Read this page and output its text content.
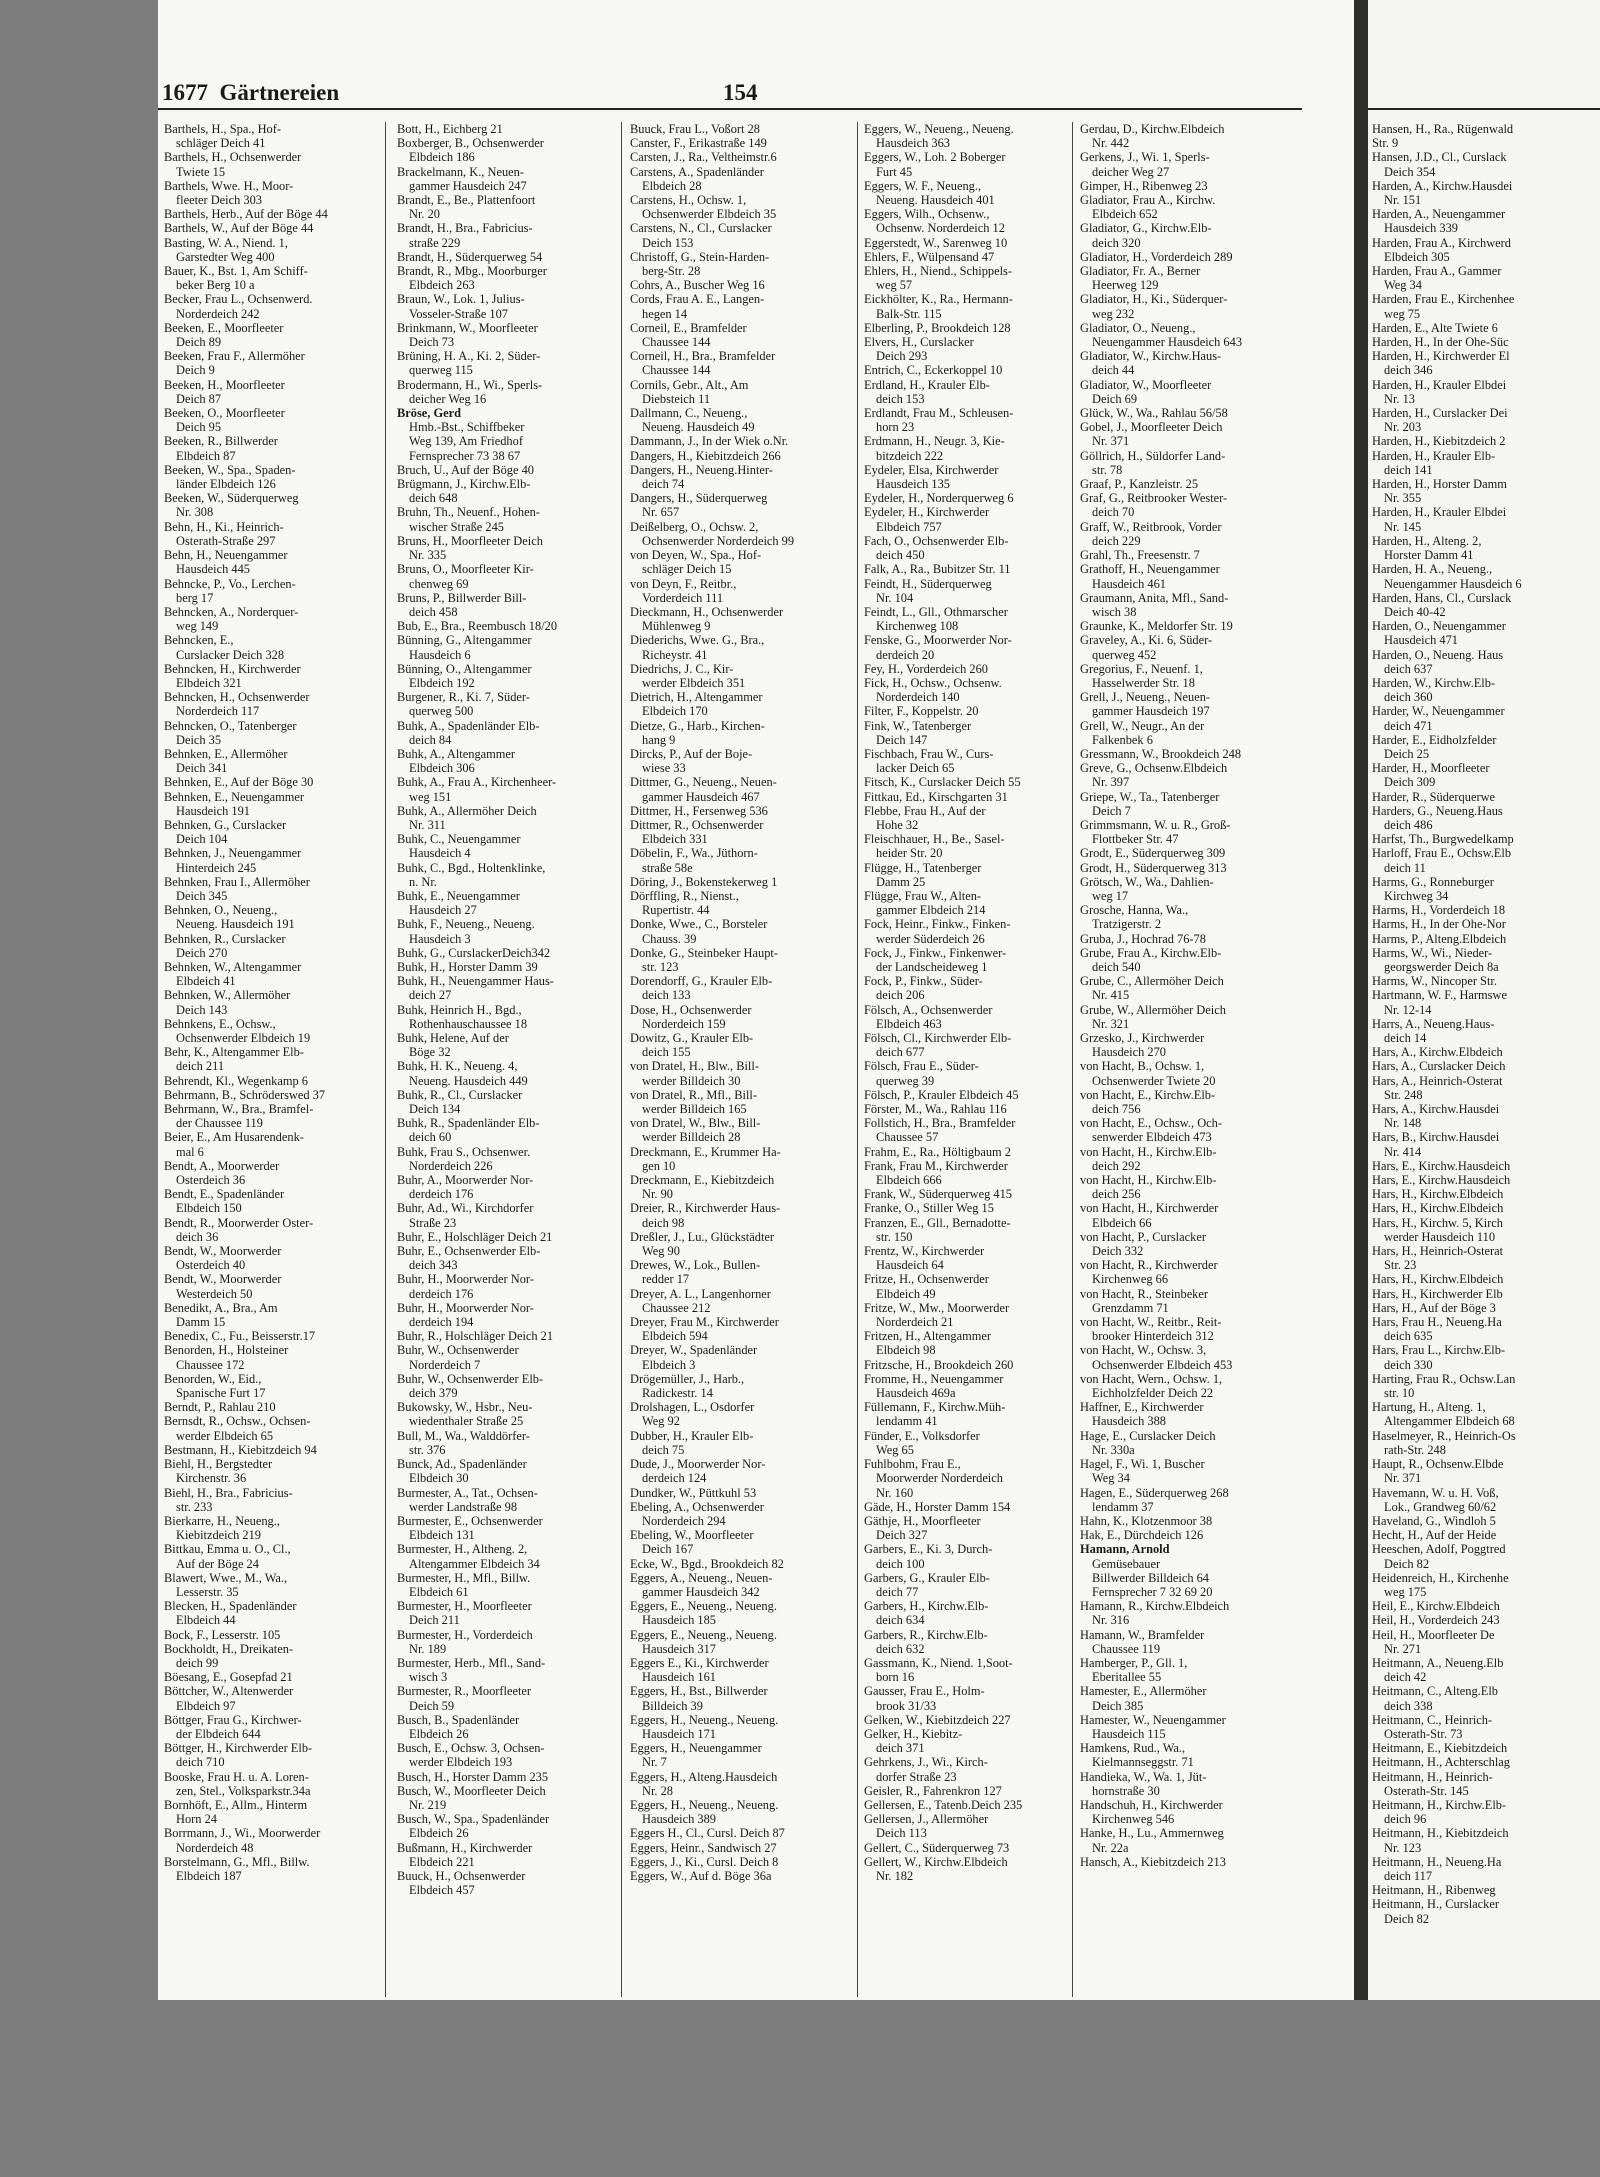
1677 Gärtnereien	154
Barthels, H., Spa., Hof-
schläger Deich 41
Barthels, H., Ochsenwerder
Twiete 15
Barthels, Wwe. H., Moor-
fleeter Deich 303
Barthels, Herb., Auf der Böge 44
Barthels, W., Auf der Böge 44
Basting, W. A., Niend. 1,
Garstedter Weg 400
Bauer, K., Bst. 1, Am Schiff-
beker Berg 10 a
Becker, Frau L., Ochsenwerd.
Norderdeich 242
Beeken, E., Moorfleeter
Deich 89
Beeken, Frau F., Allermöher
Deich 9
Beeken, H., Moorfleeter
Deich 87
Beeken, O., Moorfleeter
Deich 95
Beeken, R., Billwerder
Elbdeich 87
Beeken, W., Spa., Spaden-
länder Elbdeich 126
Beeken, W., Süderquerweg
Nr. 308
Behn, H., Ki., Heinrich-
Osterath-Straße 297
Behn, H., Neuengammer
Hausdeich 445
Behncke, P., Vo., Lerchen-
berg 17
Behncken, A., Norderquer-
weg 149
Behncken, E.,
Curslacker Deich 328
Behncken, H., Kirchwerder
Elbdeich 321
Behncken, H., Ochsenwerder
Norderdeich 117
Behncken, O., Tatenberger
Deich 35
Behnken, E., Allermöher
Deich 341
Behnken, E., Auf der Böge 30
Behnken, E., Neuengammer
Hausdeich 191
Behnken, G., Curslacker
Deich 104
Behnken, J., Neuengammer
Hinterdeich 245
Behnken, Frau I., Allermöher
Deich 345
Behnken, O., Neueng.,
Neueng. Hausdeich 191
Behnken, R., Curslacker
Deich 270
Behnken, W., Altengammer
Elbdeich 41
Behnken, W., Allermöher
Deich 143
Behnkens, E., Ochsw.,
Ochsenwerder Elbdeich 19
Behr, K., Altengammer Elb-
deich 211
Behrendt, Kl., Wegenkamp 6
Behrmann, B., Schröderswed 37
Behrmann, W., Bra., Bramfel-
der Chaussee 119
Beier, E., Am Husarendenk-
mal 6
Bendt, A., Moorwerder
Osterdeich 36
Bendt, E., Spadenländer
Elbdeich 150
Bendt, R., Moorwerder Oster-
deich 36
Bendt, W., Moorwerder
Osterdeich 40
Bendt, W., Moorwerder
Westerdeich 50
Benedikt, A., Bra., Am
Damm 15
Benedix, C., Fu., Beisserstr.17
Benorden, H., Holsteiner
Chaussee 172
Benorden, W., Eid.,
Spanische Furt 17
Berndt, P., Rahlau 210
Bernsdt, R., Ochsw., Ochsen-
werder Elbdeich 65
Bestmann, H., Kiebitzdeich 94
Biehl, H., Bergstedter
Kirchenstr. 36
Biehl, H., Bra., Fabricius-
str. 233
Bierkarre, H., Neueng.,
Kiebitzdeich 219
Bittkau, Emma u. O., Cl.,
Auf der Böge 24
Blawert, Wwe., M., Wa.,
Lesserstr. 35
Blecken, H., Spadenländer
Elbdeich 44
Bock, F., Lesserstr. 105
Bockholdt, H., Dreikaten-
deich 99
Böesang, E., Gosepfad 21
Böttcher, W., Altenwerder
Elbdeich 97
Böttger, Frau G., Kirchwer-
der Elbdeich 644
Böttger, H., Kirchwerder Elb-
deich 710
Booske, Frau H. u. A. Loren-
zen, Stel., Volksparkstr.34a
Bornhöft, E., Allm., Hinterm
Horn 24
Borrmann, J., Wi., Moorwerder
Norderdeich 48
Borstelmann, G., Mfl., Billw.
Elbdeich 187
Bott, H., Eichberg 21
Boxberger, B., Ochsenwerder
Elbdeich 186
Brackelmann, K., Neuen-
gammer Hausdeich 247
Brandt, E., Be., Plattenfoort
Nr. 20
Brandt, H., Bra., Fabricius-
straße 229
Brandt, H., Süderquerweg 54
Brandt, R., Mbg., Moorburger
Elbdeich 263
Braun, W., Lok. 1, Julius-
Vosseler-Straße 107
Brinkmann, W., Moorfleeter
Deich 73
Brüning, H. A., Ki. 2, Süder-
querweg 115
Brodermann, H., Wi., Sperls-
deicher Weg 16
Bröse, Gerd
Hmb.-Bst., Schiffbeker
Weg 139, Am Friedhof
Fernsprecher 73 38 67
Bruch, U., Auf der Böge 40
Brügmann, J., Kirchw.Elb-
deich 648
Bruhn, Th., Neuenf., Hohen-
wischer Straße 245
Bruns, H., Moorfleeter Deich
Nr. 335
Bruns, O., Moorfleeter Kir-
chenweg 69
Bruns, P., Billwerder Bill-
deich 458
Bub, E., Bra., Reembusch 18/20
Bünning, G., Altengammer
Hausdeich 6
Bünning, O., Altengammer
Elbdeich 192
Burgener, R., Ki. 7, Süder-
querweg 500
Buhk, A., Spadenländer Elb-
deich 84
Buhk, A., Altengammer
Elbdeich 306
Buhk, A., Frau A., Kirchenheer-
weg 151
Buhk, A., Allermöher Deich
Nr. 311
Buhk, C., Neuengammer
Hausdeich 4
Buhk, C., Bgd., Holtenklinke,
n. Nr.
Buhk, E., Neuengammer
Hausdeich 27
Buhk, F., Neueng., Neueng.
Hausdeich 3
Buhk, G., CurslackerDeich342
Buhk, H., Horster Damm 39
Buhk, H., Neuengammer Haus-
deich 27
Buhk, Heinrich H., Bgd.,
Rothenhauschaussee 18
Buhk, Helene, Auf der
Böge 32
Buhk, H. K., Neueng. 4,
Neueng. Hausdeich 449
Buhk, R., Cl., Curslacker
Deich 134
Buhk, R., Spadenländer Elb-
deich 60
Buhk, Frau S., Ochsenwer.
Norderdeich 226
Buhr, A., Moorwerder Nor-
derdeich 176
Buhr, Ad., Wi., Kirchdorfer
Straße 23
Buhr, E., Holschläger Deich 21
Buhr, E., Ochsenwerder Elb-
deich 343
Buhr, H., Moorwerder Nor-
derdeich 176
Buhr, H., Moorwerder Nor-
derdeich 194
Buhr, R., Holschläger Deich 21
Buhr, W., Ochsenwerder
Norderdeich 7
Buhr, W., Ochsenwerder Elb-
deich 379
Bukowsky, W., Hsbr., Neu-
wiedenthaler Straße 25
Bull, M., Wa., Walddörfer-
str. 376
Bunck, Ad., Spadenländer
Elbdeich 30
Burmester, A., Tat., Ochsen-
werder Landstraße 98
Burmester, E., Ochsenwerder
Elbdeich 131
Burmester, H., Altheng. 2,
Altengammer Elbdeich 34
Burmester, H., Mfl., Billw.
Elbdeich 61
Burmester, H., Moorfleeter
Deich 211
Burmester, H., Vorderdeich
Nr. 189
Burmester, Herb., Mfl., Sand-
wisch 3
Burmester, R., Moorfleeter
Deich 59
Busch, B., Spadenländer
Elbdeich 26
Busch, E., Ochsw. 3, Ochsen-
werder Elbdeich 193
Busch, H., Horster Damm 235
Busch, W., Moorfleeter Deich
Nr. 219
Busch, W., Spa., Spadenländer
Elbdeich 26
Bußmann, H., Kirchwerder
Elbdeich 221
Buuck, H., Ochsenwerder
Elbdeich 457
Buuck, Frau L., Voßort 28
Canster, F., Erikastraße 149
Carsten, J., Ra., Veltheimstr.6
Carstens, A., Spadenländer
Elbdeich 28
Carstens, H., Ochsw. 1,
Ochsenwerder Elbdeich 35
Carstens, N., Cl., Curslacker
Deich 153
Christoff, G., Stein-Harden-
berg-Str. 28
Cohrs, A., Buscher Weg 16
Cords, Frau A. E., Langen-
hegen 14
Corneil, E., Bramfelder
Chaussee 144
Corneil, H., Bra., Bramfelder
Chaussee 144
Cornils, Gebr., Alt., Am
Diebsteich 11
Dallmann, C., Neueng.,
Neueng. Hausdeich 49
Dammann, J., In der Wiek o.Nr.
Dangers, H., Kiebitzdeich 266
Dangers, H., Neueng.Hinter-
deich 74
Dangers, H., Süderquerweg
Nr. 657
Deißelberg, O., Ochsw. 2,
Ochsenwerder Norderdeich 99
von Deyen, W., Spa., Hof-
schläger Deich 15
von Deyn, F., Reitbr.,
Vorderdeich 111
Dieckmann, H., Ochsenwerder
Mühlenweg 9
Diederichs, Wwe. G., Bra.,
Richeystr. 41
Diedrichs, J. C., Kir-
werder Elbdeich 351
Dietrich, H., Altengammer
Elbdeich 170
Dietze, G., Harb., Kirchen-
hang 9
Dircks, P., Auf der Boje-
wiese 33
Dittmer, G., Neueng., Neuen-
gammer Hausdeich 467
Dittmer, H., Fersenweg 536
Dittmer, R., Ochsenwerder
Elbdeich 331
Döbelin, F., Wa., Jüthorn-
straße 58e
Döring, J., Bokenstekerweg 1
Dörffling, R., Nienst.,
Rupertistr. 44
Donke, Wwe., C., Borsteler
Chauss. 39
Donke, G., Steinbeker Haupt-
str. 123
Dorendorff, G., Krauler Elb-
deich 133
Dose, H., Ochsenwerder
Norderdeich 159
Dowitz, G., Krauler Elb-
deich 155
von Dratel, H., Blw., Bill-
werder Billdeich 30
von Dratel, R., Mfl., Bill-
werder Billdeich 165
von Dratel, W., Blw., Bill-
werder Billdeich 28
Dreckmann, E., Krummer Ha-
gen 10
Dreckmann, E., Kiebitzdeich
Nr. 90
Dreier, R., Kirchwerder Haus-
deich 98
Dreßler, J., Lu., Glückstädter
Weg 90
Drewes, W., Lok., Bullen-
redder 17
Dreyer, A. L., Langenhorner
Chaussee 212
Dreyer, Frau M., Kirchwerder
Elbdeich 594
Dreyer, W., Spadenländer
Elbdeich 3
Drögemüller, J., Harb.,
Radickestr. 14
Drolshagen, L., Osdorfer
Weg 92
Dubber, H., Krauler Elb-
deich 75
Dude, J., Moorwerder Nor-
derdeich 124
Dundker, W., Püttkuhl 53
Ebeling, A., Ochsenwerder
Norderdeich 294
Ebeling, W., Moorfleeter
Deich 167
Ecke, W., Bgd., Brookdeich 82
Eggers, A., Neueng., Neuen-
gammer Hausdeich 342
Eggers, E., Neueng., Neueng.
Hausdeich 185
Eggers, E., Neueng., Neueng.
Hausdeich 317
Eggers E., Ki., Kirchwerder
Hausdeich 161
Eggers, H., Bst., Billwerder
Billdeich 39
Eggers, H., Neueng., Neueng.
Hausdeich 171
Eggers, H., Neuengammer
Nr. 7
Eggers, H., Alteng.Hausdeich
Nr. 28
Eggers, H., Neueng., Neueng.
Hausdeich 389
Eggers H., Cl., Cursl. Deich 87
Eggers, Heinr., Sandwisch 27
Eggers, J., Ki., Cursl. Deich 8
Eggers, W., Auf d. Böge 36a
Eggers, W., Neueng., Neueng.
Hausdeich 363
Eggers, W., Loh. 2 Boberger
Furt 45
Eggers, W. F., Neueng.,
Neueng. Hausdeich 401
Eggers, Wilh., Ochsenw.,
Ochsenw. Norderdeich 12
Eggerstedt, W., Sarenweg 10
Ehlers, F., Wülpensand 47
Ehlers, H., Niend., Schippels-
weg 57
Eickhölter, K., Ra., Hermann-
Balk-Str. 115
Elberling, P., Brookdeich 128
Elvers, H., Curslacker
Deich 293
Entrich, C., Eckerkoppel 10
Erdland, H., Krauler Elb-
deich 153
Erdlandt, Frau M., Schleusen-
horn 23
Erdmann, H., Neugr. 3, Kie-
bitzdeich 222
Eydeler, Elsa, Kirchwerder
Hausdeich 135
Eydeler, H., Norderquerweg 6
Eydeler, H., Kirchwerder
Elbdeich 757
Fach, O., Ochsenwerder Elb-
deich 450
Falk, A., Ra., Bubitzer Str. 11
Feindt, H., Süderquerweg
Nr. 104
Feindt, L., Gll., Othmarscher
Kirchenweg 108
Fenske, G., Moorwerder Nor-
derdeich 20
Fey, H., Vorderdeich 260
Fick, H., Ochsw., Ochsenw.
Norderdeich 140
Filter, F., Koppelstr. 20
Fink, W., Tatenberger
Deich 147
Fischbach, Frau W., Curs-
lacker Deich 65
Fitsch, K., Curslacker Deich 55
Fittkau, Ed., Kirschgarten 31
Flebbe, Frau H., Auf der
Hohe 32
Fleischhauer, H., Be., Sasel-
heider Str. 20
Flügge, H., Tatenberger
Damm 25
Flügge, Frau W., Alten-
gammer Elbdeich 214
Fock, Heinr., Finkw., Finken-
werder Süderdeich 26
Fock, J., Finkw., Finkenwer-
der Landscheideweg 1
Fock, P., Finkw., Süder-
deich 206
Fölsch, A., Ochsenwerder
Elbdeich 463
Fölsch, Cl., Kirchwerder Elb-
deich 677
Fölsch, Frau E., Süder-
querweg 39
Fölsch, P., Krauler Elbdeich 45
Förster, M., Wa., Rahlau 116
Follstich, H., Bra., Bramfelder
Chaussee 57
Frahm, E., Ra., Höltigbaum 2
Frank, Frau M., Kirchwerder
Elbdeich 666
Frank, W., Süderquerweg 415
Franke, O., Stiller Weg 15
Franzen, E., Gll., Bernadotte-
str. 150
Frentz, W., Kirchwerder
Hausdeich 64
Fritze, H., Ochsenwerder
Elbdeich 49
Fritze, W., Mw., Moorwerder
Norderdeich 21
Fritzen, H., Altengammer
Elbdeich 98
Fritzsche, H., Brookdeich 260
Fromme, H., Neuengammer
Hausdeich 469a
Füllemann, F., Kirchw.Müh-
lendamm 41
Fünder, E., Volksdorfer
Weg 65
Fuhlbohm, Frau E.,
Moorwerder Norderdeich
Nr. 160
Gäde, H., Horster Damm 154
Gäthje, H., Moorfleeter
Deich 327
Garbers, E., Ki. 3, Durch-
deich 100
Garbers, G., Krauler Elb-
deich 77
Garbers, H., Kirchw.Elb-
deich 634
Garbers, R., Kirchw.Elb-
deich 632
Gassmann, K., Niend. 1,Soot-
born 16
Gausser, Frau E., Holm-
brook 31/33
Gelken, W., Kiebitzdeich 227
Gelker, H., Kiebitz-
deich 371
Gehrkens, J., Wi., Kirch-
dorfer Straße 23
Geisler, R., Fahrenkron 127
Gellersen, E., Tatenb.Deich 235
Gellersen, J., Allermöher
Deich 113
Gellert, C., Süderquerweg 73
Gellert, W., Kirchw.Elbdeich
Nr. 182
Gerdau, D., Kirchw.Elbdeich
Nr. 442
Gerkens, J., Wi. 1, Sperls-
deicher Weg 27
Gimper, H., Ribenweg 23
Gladiator, Frau A., Kirchw.
Elbdeich 652
Gladiator, G., Kirchw.Elb-
deich 320
Gladiator, H., Vorderdeich 289
Gladiator, Fr. A., Berner
Heerweg 129
Gladiator, H., Ki., Süderquer-
weg 232
Gladiator, O., Neueng.,
Neuengammer Hausdeich 643
Gladiator, W., Kirchw.Haus-
deich 44
Gladiator, W., Moorfleeter
Deich 69
Glück, W., Wa., Rahlau 56/58
Gobel, J., Moorfleeter Deich
Nr. 371
Göllrich, H., Süldorfer Land-
str. 78
Graaf, P., Kanzleistr. 25
Graf, G., Reitbrooker Wester-
deich 70
Graff, W., Reitbrook, Vorder
deich 229
Grahl, Th., Freesenstr. 7
Grathoff, H., Neuengammer
Hausdeich 461
Graumann, Anita, Mfl., Sand-
wisch 38
Graunke, K., Meldorfer Str. 19
Graveley, A., Ki. 6, Süder-
querweg 452
Gregorius, F., Neuenf. 1,
Hasselwerder Str. 18
Grell, J., Neueng., Neuen-
gammer Hausdeich 197
Grell, W., Neugr., An der
Falkenbek 6
Gressmann, W., Brookdeich 248
Greve, G., Ochsenw.Elbdeich
Nr. 397
Griepe, W., Ta., Tatenberger
Deich 7
Grimmsmann, W. u. R., Groß-
Flottbeker Str. 47
Grodt, E., Süderquerweg 309
Grodt, H., Süderquerweg 313
Grötsch, W., Wa., Dahlien-
weg 17
Grosche, Hanna, Wa.,
Tratzigerstr. 2
Gruba, J., Hochrad 76-78
Grube, Frau A., Kirchw.Elb-
deich 540
Grube, C., Allermöher Deich
Nr. 415
Grube, W., Allermöher Deich
Nr. 321
Grzesko, J., Kirchwerder
Hausdeich 270
von Hacht, B., Ochsw. 1,
Ochsenwerder Twiete 20
von Hacht, E., Kirchw.Elb-
deich 756
von Hacht, E., Ochsw., Och-
senwerder Elbdeich 473
von Hacht, H., Kirchw.Elb-
deich 292
von Hacht, H., Kirchw.Elb-
deich 256
von Hacht, H., Kirchwerder
Elbdeich 66
von Hacht, P., Curslacker
Deich 332
von Hacht, R., Kirchwerder
Kirchenweg 66
von Hacht, R., Steinbeker
Grenzdamm 71
von Hacht, W., Reitbr., Reit-
brooker Hinterdeich 312
von Hacht, W., Ochsw. 3,
Ochsenwerder Elbdeich 453
von Hacht, Wern., Ochsw. 1,
Eichholzfelder Deich 22
Haffner, E., Kirchwerder
Hausdeich 388
Hage, E., Curslacker Deich
Nr. 330a
Hagel, F., Wi. 1, Buscher
Weg 34
Hagen, E., Süderquerweg 268
lendamm 37
Hahn, K., Klotzenmoor 38
Hak, E., Dürchdeich 126
Hamann, Arnold
Gemüsebauer
Billwerder Billdeich 64
Fernsprecher 7 32 69 20
Hamann, R., Kirchw.Elbdeich
Nr. 316
Hamann, W., Bramfelder
Chaussee 119
Hamberger, P., Gll. 1,
Eberitallee 55
Hamester, E., Allermöher
Deich 385
Hamester, W., Neuengammer
Hausdeich 115
Hamkens, Rud., Wa.,
Kielmannseggstr. 71
Handieka, W., Wa. 1, Jüt-
hornstraße 30
Handschuh, H., Kirchwerder
Kirchenweg 546
Hanke, H., Lu., Ammernweg
Nr. 22a
Hansch, A., Kiebitzdeich 213
Hansen, H., Ra., Rügenwald
Str. 9
Hansen, J.D., Cl., Curslack
Deich 354
Harden, A., Kirchw.Hausdei
Nr. 151
Harden, A., Neuengammer
Hausdeich 339
Harden, Frau A., Kirchwerd
Elbdeich 305
Harden, Frau A., Gammer
Weg 34
Harden, Frau E., Kirchenhee
weg 75
Harden, E., Alte Twiete 6
Harden, H., In der Ohe-Süc
Harden, H., Kirchwerder El
deich 346
Harden, H., Krauler Elbdei
Nr. 13
Harden, H., Curslacker Dei
Nr. 203
Harden, H., Kiebitzdeich 2
Harden, H., Krauler Elb-
deich 141
Harden, H., Horster Damm
Nr. 355
Harden, H., Krauler Elbdei
Nr. 145
Harden, H., Alteng. 2,
Horster Damm 41
Harden, H. A., Neueng.,
Neuengammer Hausdeich 6
Harden, Hans, Cl., Curslack
Deich 40-42
Harden, O., Neuengammer
Hausdeich 471
Harden, O., Neueng. Haus
deich 637
Harden, W., Kirchw.Elb-
deich 360
Harder, W., Neuengammer
deich 471
Harder, E., Eidholzfelder
Deich 25
Harder, H., Moorfleeter
Deich 309
Harder, R., Süderquerwe
Harders, G., Neueng.Haus
deich 486
Harfst, Th., Burgwedelkamp
Harloff, Frau E., Ochsw.Elb
deich 11
Harms, G., Ronneburger
Kirchweg 34
Harms, H., Vorderdeich 18
Harms, H., In der Ohe-Nor
Harms, P., Alteng.Elbdeich
Harms, W., Wi., Nieder-
georgswerder Deich 8a
Harms, W., Nincoper Str.
Hartmann, W. F., Harmswe
Nr. 12-14
Harrs, A., Neueng.Haus-
deich 14
Hars, A., Kirchw.Elbdeich
Hars, A., Curslacker Deich
Hars, A., Heinrich-Osterat
Str. 248
Hars, A., Kirchw.Hausdei
Nr. 148
Hars, B., Kirchw.Hausdei
Nr. 414
Hars, E., Kirchw.Hausdeich
Hars, E., Kirchw.Hausdeich
Hars, H., Kirchw.Elbdeich
Hars, H., Kirchw.Elbdeich
Hars, H., Kirchw. 5, Kirch
werder Hausdeich 110
Hars, H., Heinrich-Osterat
Str. 23
Hars, H., Kirchw.Elbdeich
Hars, H., Kirchwerder Elb
Hars, H., Auf der Böge 3
Hars, Frau H., Neueng.Ha
deich 635
Hars, Frau L., Kirchw.Elb-
deich 330
Harting, Frau R., Ochsw.Lan
str. 10
Hartung, H., Alteng. 1,
Altengammer Elbdeich 68
Haselmeyer, R., Heinrich-Os
rath-Str. 248
Haupt, R., Ochsenw.Elbde
Nr. 371
Havemann, W. u. H. Voß,
Lok., Grandweg 60/62
Haveland, G., Windloh 5
Hecht, H., Auf der Heide
Heeschen, Adolf, Poggtred
Deich 82
Heidenreich, H., Kirchenhe
weg 175
Heil, E., Kirchw.Elbdeich
Heil, H., Vorderdeich 243
Heil, H., Moorfleeter De
Nr. 271
Heitmann, A., Neueng.Elb
deich 42
Heitmann, C., Alteng.Elb
deich 338
Heitmann, C., Heinrich-
Osterath-Str. 73
Heitmann, E., Kiebitzdeich
Heitmann, H., Achterschlag
Heitmann, H., Heinrich-
Osterath-Str. 145
Heitmann, H., Kirchw.Elb-
deich 96
Heitmann, H., Kiebitzdeich
Nr. 123
Heitmann, H., Neueng.Ha
deich 117
Heitmann, H., Ribenweg
Heitmann, H., Curslacker
Deich 82
